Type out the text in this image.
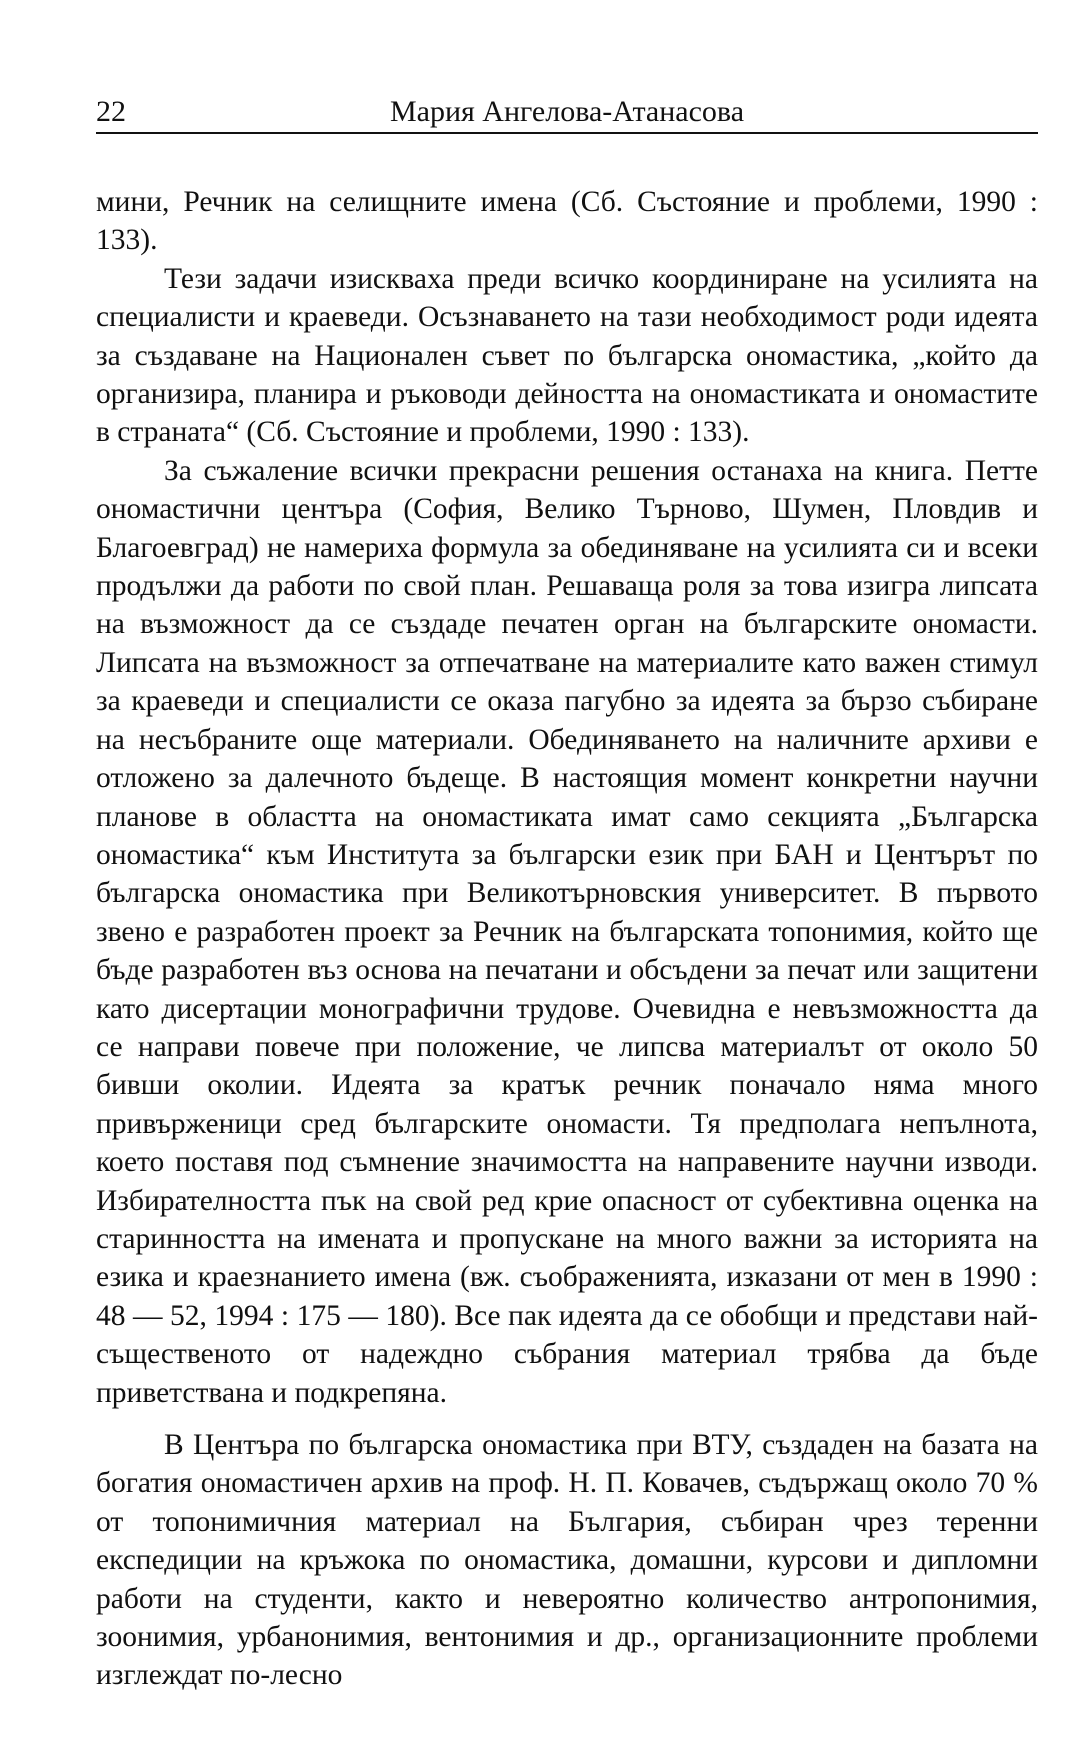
22	Мария Ангелова-Атанасова

мини, Речник на селищните имена (Сб. Състояние и проблеми, 1990 : 133).

Тези задачи изискваха преди всичко координиране на усилията на специалисти и краеведи. Осъзнаването на тази необходимост роди идеята за създаване на Национален съвет по българска ономастика, „който да организира, планира и ръководи дейността на ономастиката и ономастите в страната“ (Сб. Състояние и проблеми, 1990 : 133).

За съжаление всички прекрасни решения останаха на книга. Петте ономастични центъра (София, Велико Търново, Шумен, Пловдив и Благоевград) не намериха формула за обединяване на усилията си и всеки продължи да работи по свой план. Решаваща роля за това изигра липсата на възможност да се създаде печатен орган на българските ономасти. Липсата на възможност за отпечатване на материалите като важен стимул за краеведи и специалисти се оказа пагубно за идеята за бързо събиране на несъбраните още материали. Обединяването на наличните архиви е отложено за далечното бъдеще. В настоящия момент конкретни научни планове в областта на ономастиката имат само секцията „Българска ономастика“ към Института за български език при БАН и Центърът по българска ономастика при Великотърновския университет. В първото звено е разработен проект за Речник на българската топонимия, който ще бъде разработен въз основа на печатани и обсъдени за печат или защитени като дисертации монографични трудове. Очевидна е невъзможността да се направи повече при положение, че липсва материалът от около 50 бивши околии. Идеята за кратък речник поначало няма много привърженици сред българските ономасти. Тя предполага непълнота, което поставя под съмнение значимостта на направените научни изводи. Избирателността пък на свой ред крие опасност от субективна оценка на старинността на имената и пропускане на много важни за историята на езика и краезнанието имена (вж. съображенията, изказани от мен в 1990 : 48 — 52, 1994 : 175 — 180). Все пак идеята да се обобщи и представи най-същественото от надеждно събрания материал трябва да бъде приветствана и подкрепяна.

В Центъра по българска ономастика при ВТУ, създаден на базата на богатия ономастичен архив на проф. Н. П. Ковачев, съдържащ около 70 % от топонимичния материал на България, събиран чрез теренни експедиции на кръжока по ономастика, домашни, курсови и дипломни работи на студенти, както и невероятно количество антропонимия, зоонимия, урбанонимия, вентонимия и др., организационните проблеми изглеждат по-лесно
